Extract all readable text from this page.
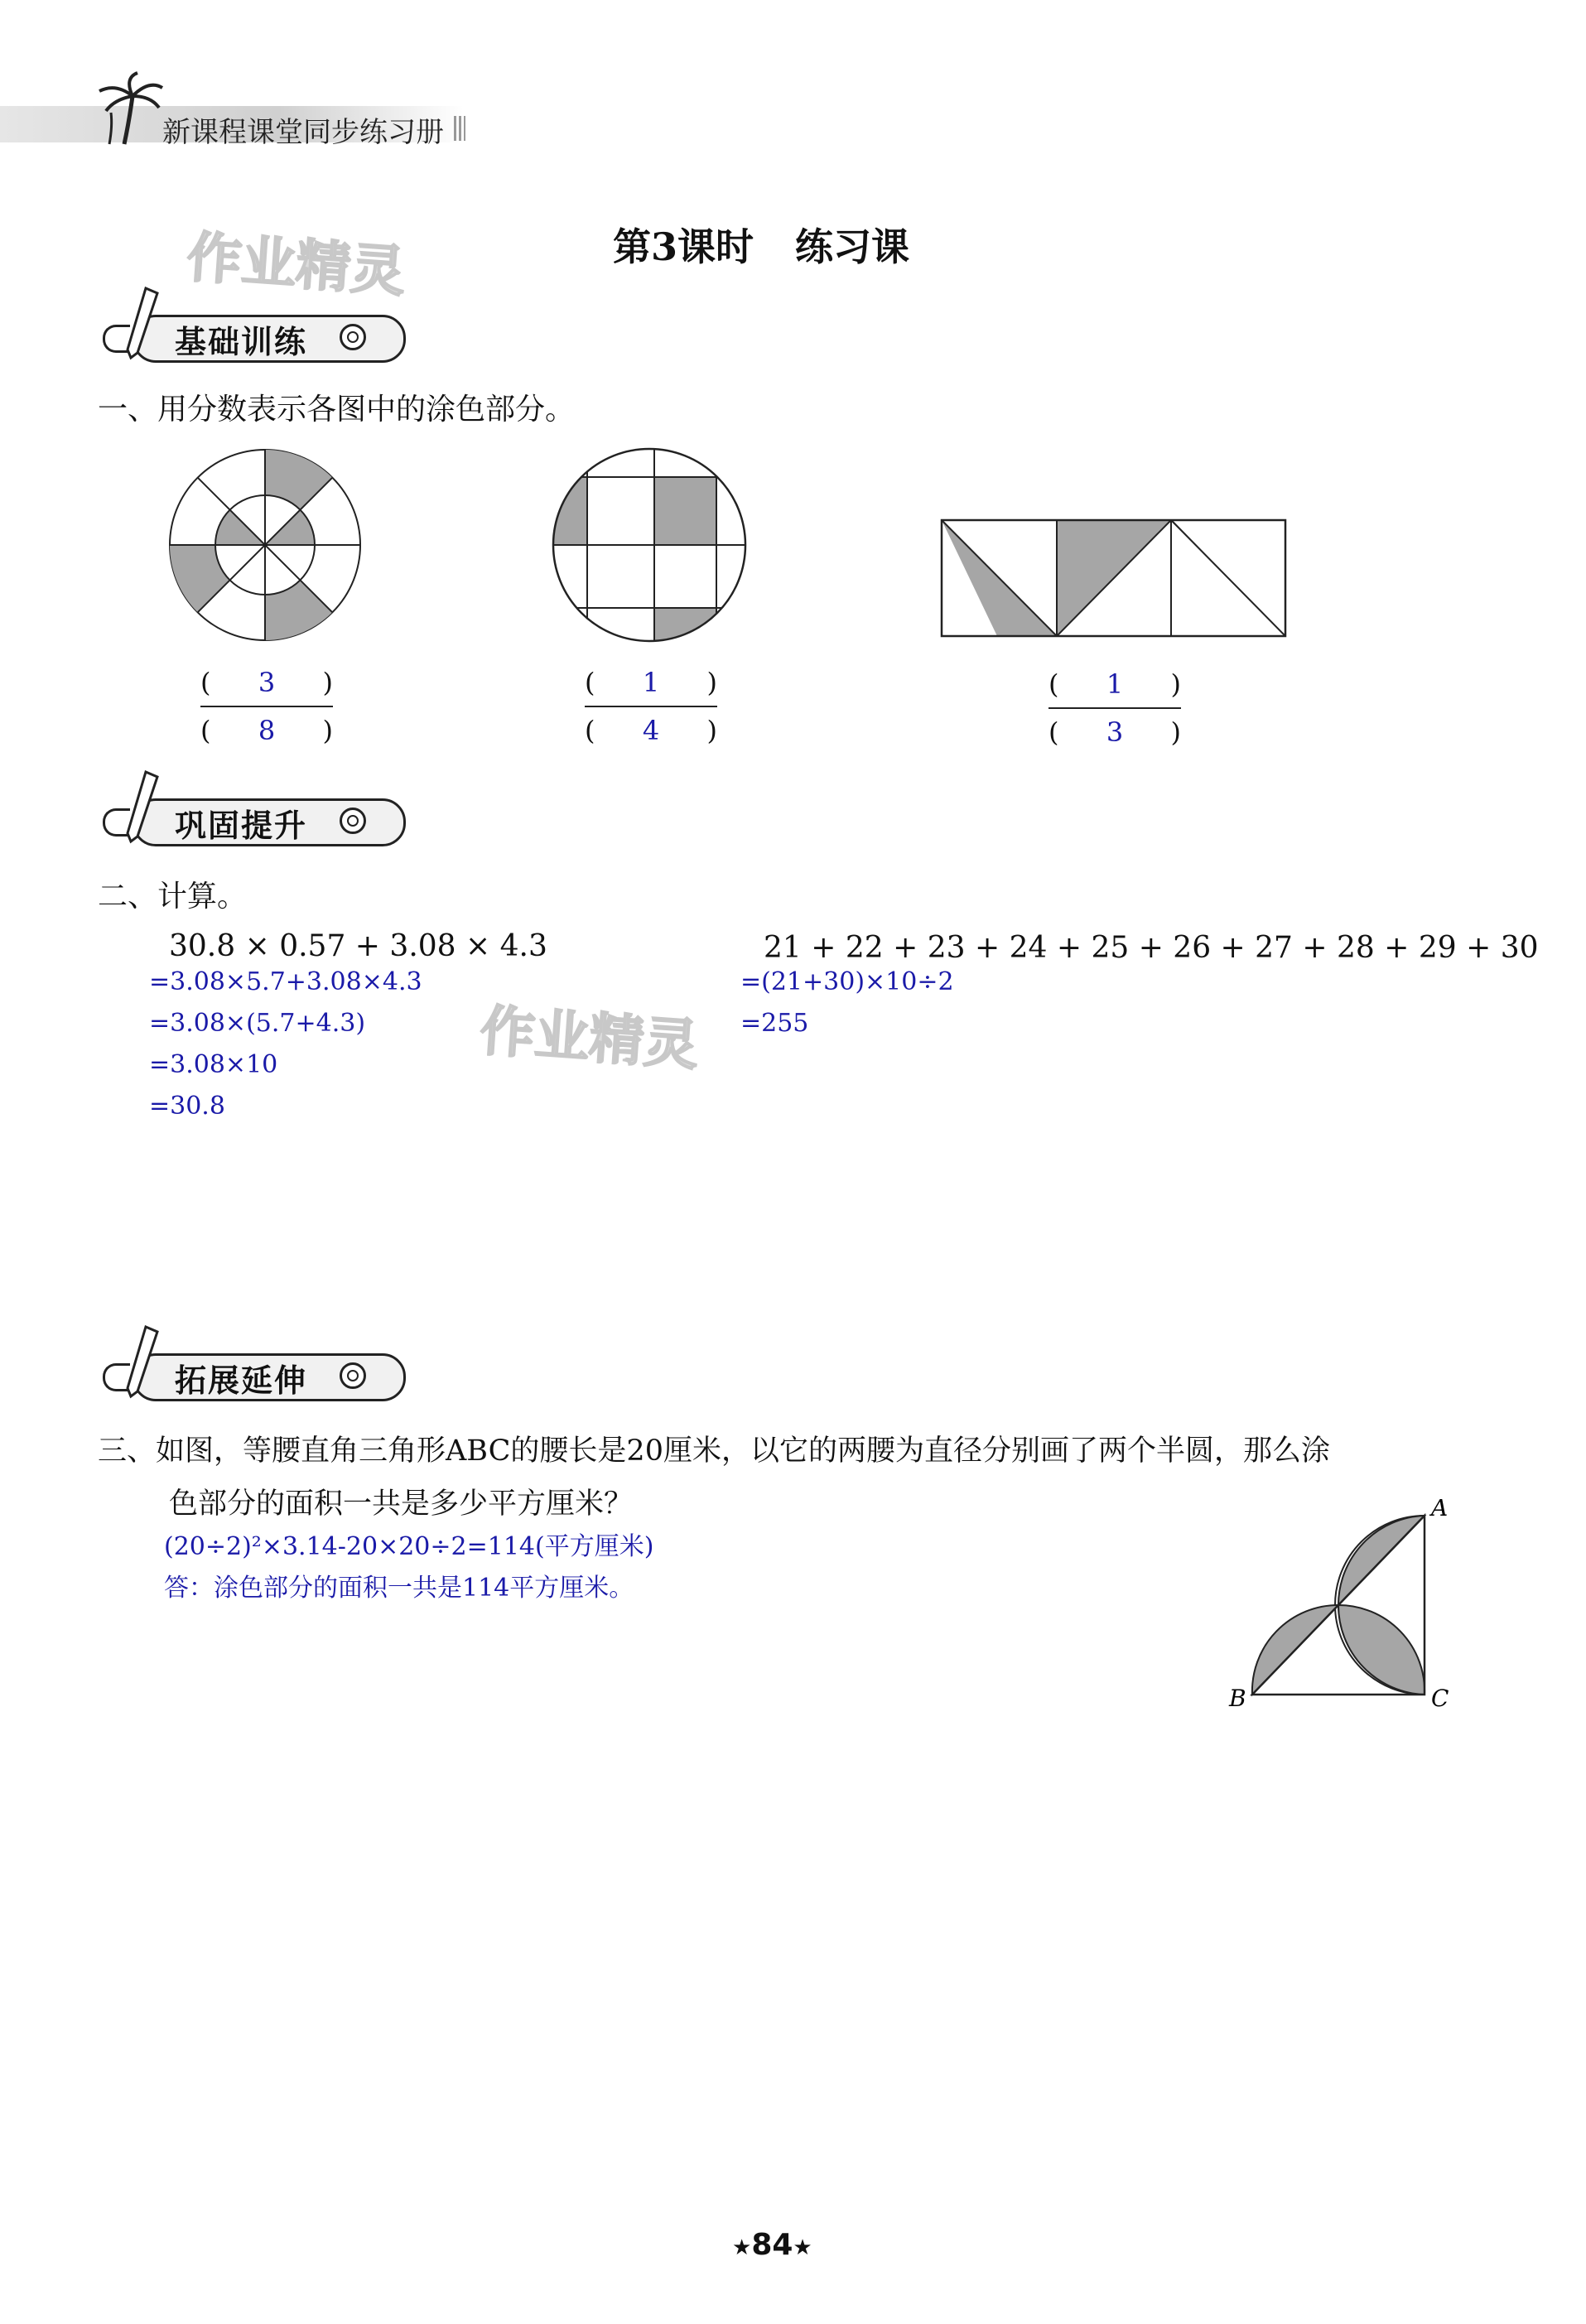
新课程课堂同步练习册
作业精灵
作业精灵
第3课时 练习课
基础训练
一、用分数表示各图中的涂色部分。
( 3 )
( 8 )
( 1 )
( 4 )
( 1 )
( 3 )
巩固提升
二、计算。
30.8 × 0.57 + 3.08 × 4.3
=3.08×5.7+3.08×4.3
=3.08×(5.7+4.3)
=3.08×10
=30.8
21 + 22 + 23 + 24 + 25 + 26 + 27 + 28 + 29 + 30
=(21+30)×10÷2
=255
拓展延伸
三、如图，等腰直角三角形ABC的腰长是20厘米，以它的两腰为直径分别画了两个半圆，那么涂
色部分的面积一共是多少平方厘米？
(20÷2)²×3.14-20×20÷2=114(平方厘米)
答：涂色部分的面积一共是114平方厘米。
A
B	C
★84★
